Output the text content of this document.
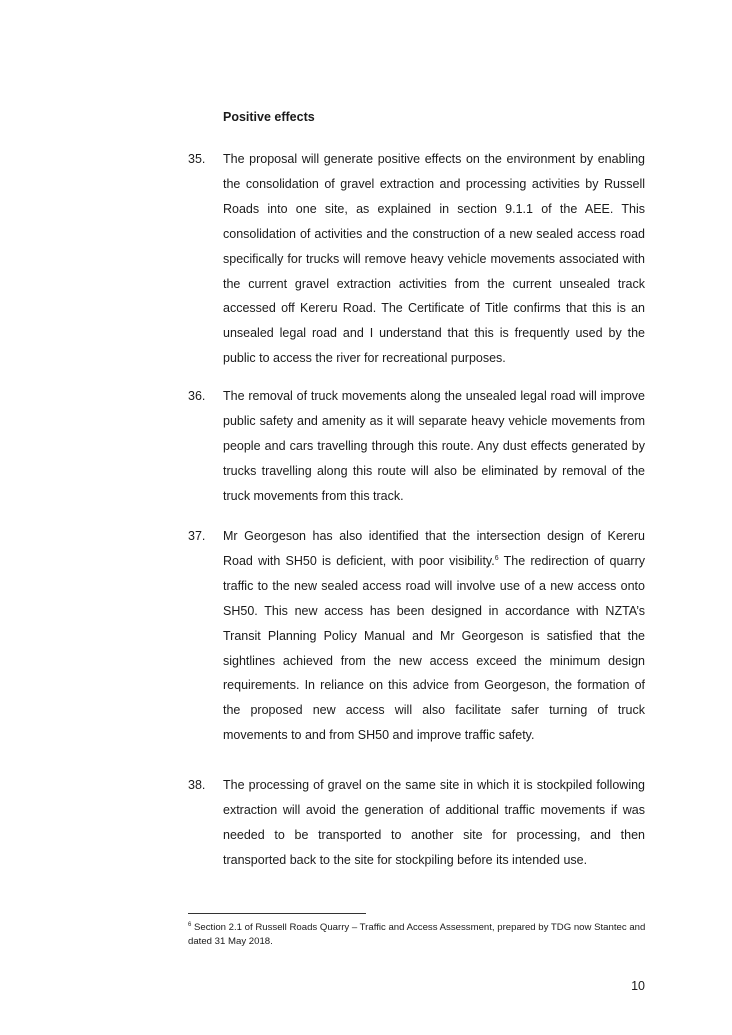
Positive effects
35. The proposal will generate positive effects on the environment by enabling the consolidation of gravel extraction and processing activities by Russell Roads into one site, as explained in section 9.1.1 of the AEE. This consolidation of activities and the construction of a new sealed access road specifically for trucks will remove heavy vehicle movements associated with the current gravel extraction activities from the current unsealed track accessed off Kereru Road. The Certificate of Title confirms that this is an unsealed legal road and I understand that this is frequently used by the public to access the river for recreational purposes.
36. The removal of truck movements along the unsealed legal road will improve public safety and amenity as it will separate heavy vehicle movements from people and cars travelling through this route. Any dust effects generated by trucks travelling along this route will also be eliminated by removal of the truck movements from this track.
37. Mr Georgeson has also identified that the intersection design of Kereru Road with SH50 is deficient, with poor visibility.$^6$ The redirection of quarry traffic to the new sealed access road will involve use of a new access onto SH50. This new access has been designed in accordance with NZTA’s Transit Planning Policy Manual and Mr Georgeson is satisfied that the sightlines achieved from the new access exceed the minimum design requirements. In reliance on this advice from Georgeson, the formation of the proposed new access will also facilitate safer turning of truck movements to and from SH50 and improve traffic safety.
38. The processing of gravel on the same site in which it is stockpiled following extraction will avoid the generation of additional traffic movements if was needed to be transported to another site for processing, and then transported back to the site for stockpiling before its intended use.
$^6$ Section 2.1 of Russell Roads Quarry – Traffic and Access Assessment, prepared by TDG now Stantec and dated 31 May 2018.
10
